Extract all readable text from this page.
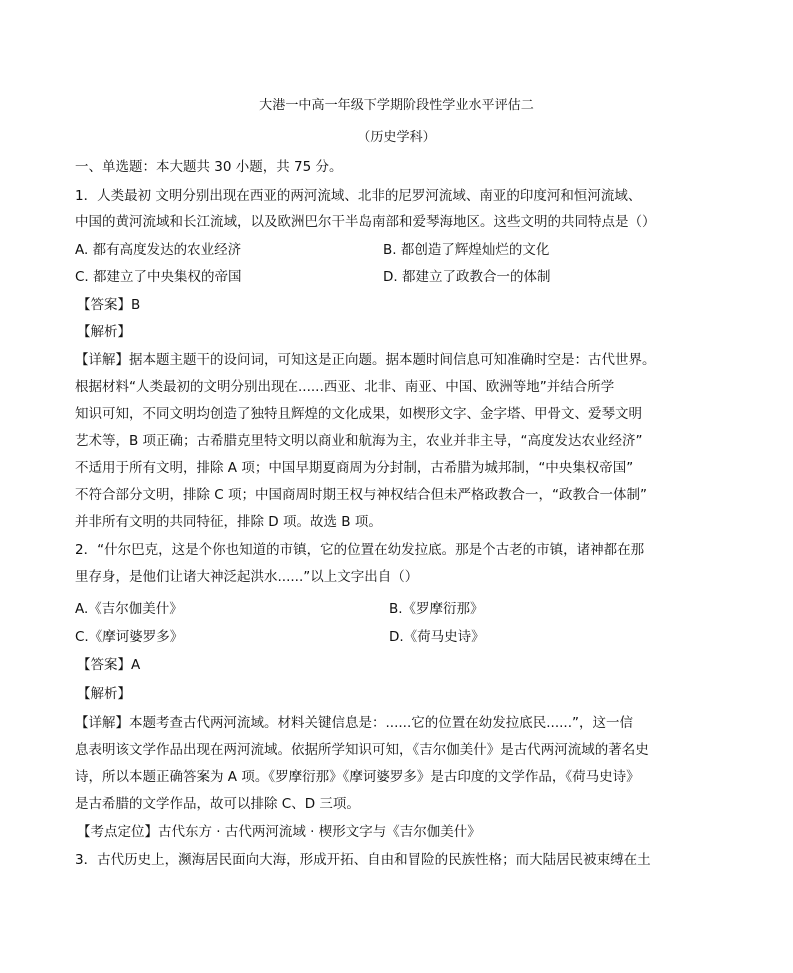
大港一中高一年级下学期阶段性学业水平评估二
（历史学科）
一、单选题：本大题共 30 小题，共 75 分。
1．人类最初 文明分别出现在西亚的两河流域、北非的尼罗河流域、南亚的印度河和恒河流域、
中国的黄河流域和长江流域，以及欧洲巴尔干半岛南部和爱琴海地区。这些文明的共同特点是（）
A. 都有高度发达的农业经济	B. 都创造了辉煌灿烂的文化
C. 都建立了中央集权的帝国	D. 都建立了政教合一的体制
【答案】B
【解析】
【详解】据本题主题干的设问词，可知这是正向题。据本题时间信息可知准确时空是：古代世界。
根据材料“人类最初的文明分别出现在......西亚、北非、南亚、中国、欧洲等地”并结合所学
知识可知，不同文明均创造了独特且辉煌的文化成果，如楔形文字、金字塔、甲骨文、爱琴文明
艺术等，B 项正确；古希腊克里特文明以商业和航海为主，农业并非主导，“高度发达农业经济”
不适用于所有文明，排除 A 项；中国早期夏商周为分封制，古希腊为城邦制，“中央集权帝国”
不符合部分文明，排除 C 项；中国商周时期王权与神权结合但未严格政教合一，“政教合一体制”
并非所有文明的共同特征，排除 D 项。故选 B 项。
2．“什尔巴克，这是个你也知道的市镇，它的位置在幼发拉底。那是个古老的市镇，诸神都在那
里存身，是他们让诸大神泛起洪水......”以上文字出自（）
A.《吉尔伽美什》	B.《罗摩衍那》
C.《摩诃婆罗多》	D.《荷马史诗》
【答案】A
【解析】
【详解】本题考查古代两河流域。材料关键信息是：......它的位置在幼发拉底民......”，这一信
息表明该文学作品出现在两河流域。依据所学知识可知，《吉尔伽美什》是古代两河流域的著名史
诗，所以本题正确答案为 A 项。《罗摩衍那》《摩诃婆罗多》是古印度的文学作品，《荷马史诗》
是古希腊的文学作品，故可以排除 C、D 三项。
【考点定位】古代东方 · 古代两河流域 · 楔形文字与《吉尔伽美什》
3．古代历史上，濒海居民面向大海，形成开拓、自由和冒险的民族性格；而大陆居民被束缚在土
